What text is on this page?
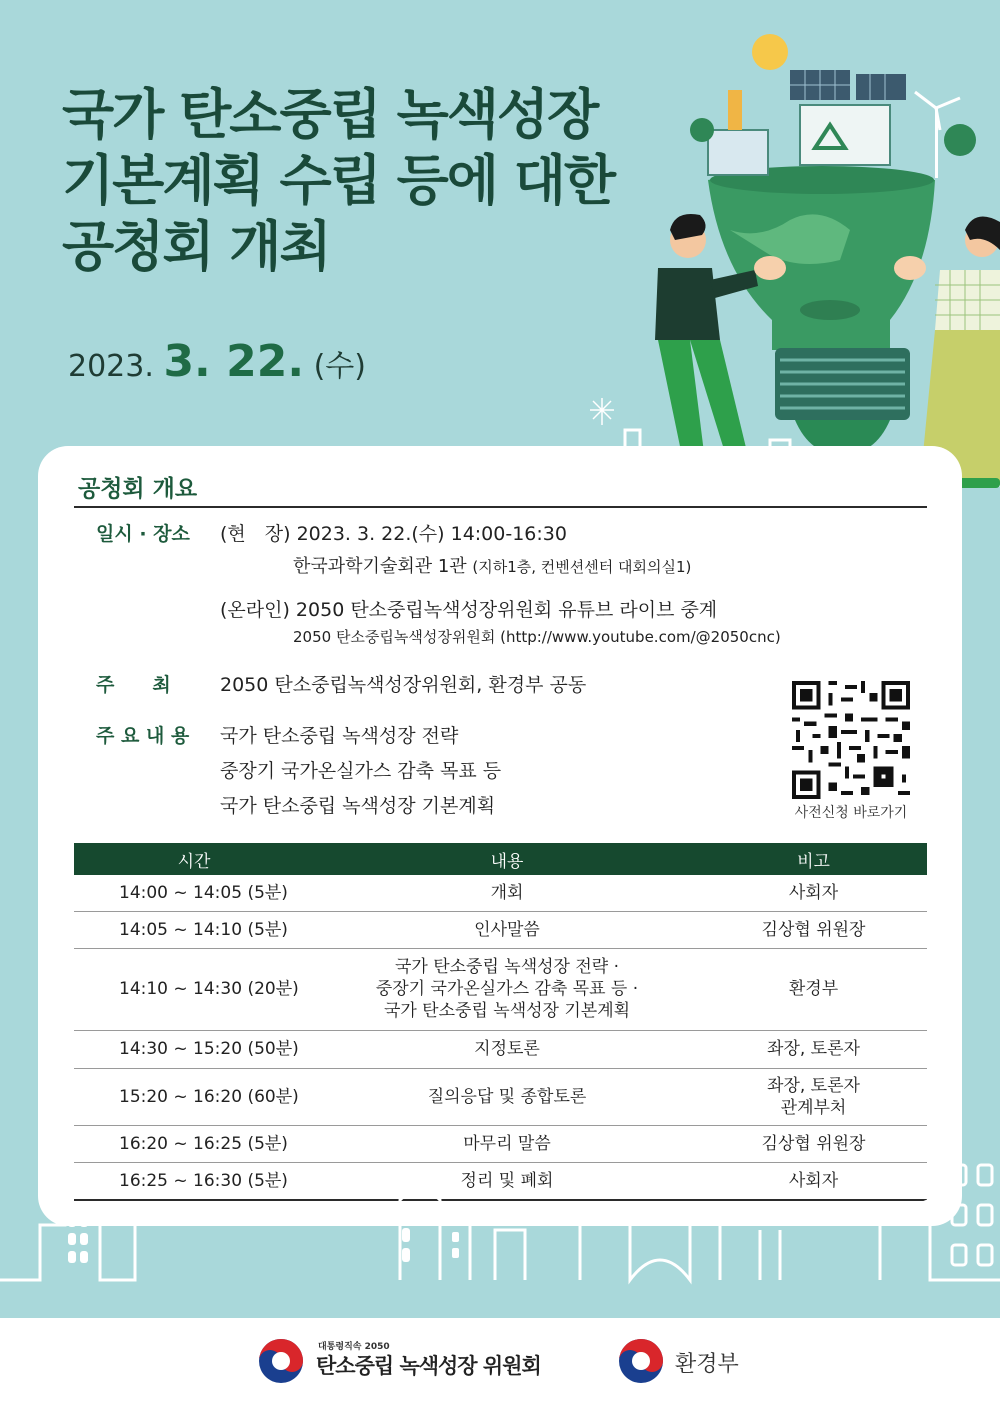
국가 탄소중립 녹색성장
기본계획 수립 등에 대한
공청회 개최
2023. 3. 22. (수)
공청회 개요
일시 · 장소 (현　장) 2023. 3. 22.(수) 14:00-16:30
한국과학기술회관 1관 (지하1층, 컨벤션센터 대회의실1)
(온라인) 2050 탄소중립녹색성장위원회 유튜브 라이브 중계
2050 탄소중립녹색성장위원회 (http://www.youtube.com/@2050cnc)
주　　최	2050 탄소중립녹색성장위원회, 환경부 공동
주 요 내 용 국가 탄소중립 녹색성장 전략
중장기 국가온실가스 감축 목표 등
국가 탄소중립 녹색성장 기본계획	사전신청 바로가기
시간	내용	비고
14:00 ~ 14:05 (5분)	개회	사회자
14:05 ~ 14:10 (5분)	인사말씀	김상협 위원장
14:10 ~ 14:30 (20분)	국가 탄소중립 녹색성장 전략 ·
중장기 국가온실가스 감축 목표 등 ·
국가 탄소중립 녹색성장 기본계획	환경부
14:30 ~ 15:20 (50분)	지정토론	좌장, 토론자
15:20 ~ 16:20 (60분)	질의응답 및 종합토론	좌장, 토론자
관계부처

16:20 ~ 16:25 (5분)	마무리 말씀	김상협 위원장
16:25 ~ 16:30 (5분)	정리 및 폐회	사회자
대통령직속 2050
탄소중립 녹색성장 위원회	환경부
